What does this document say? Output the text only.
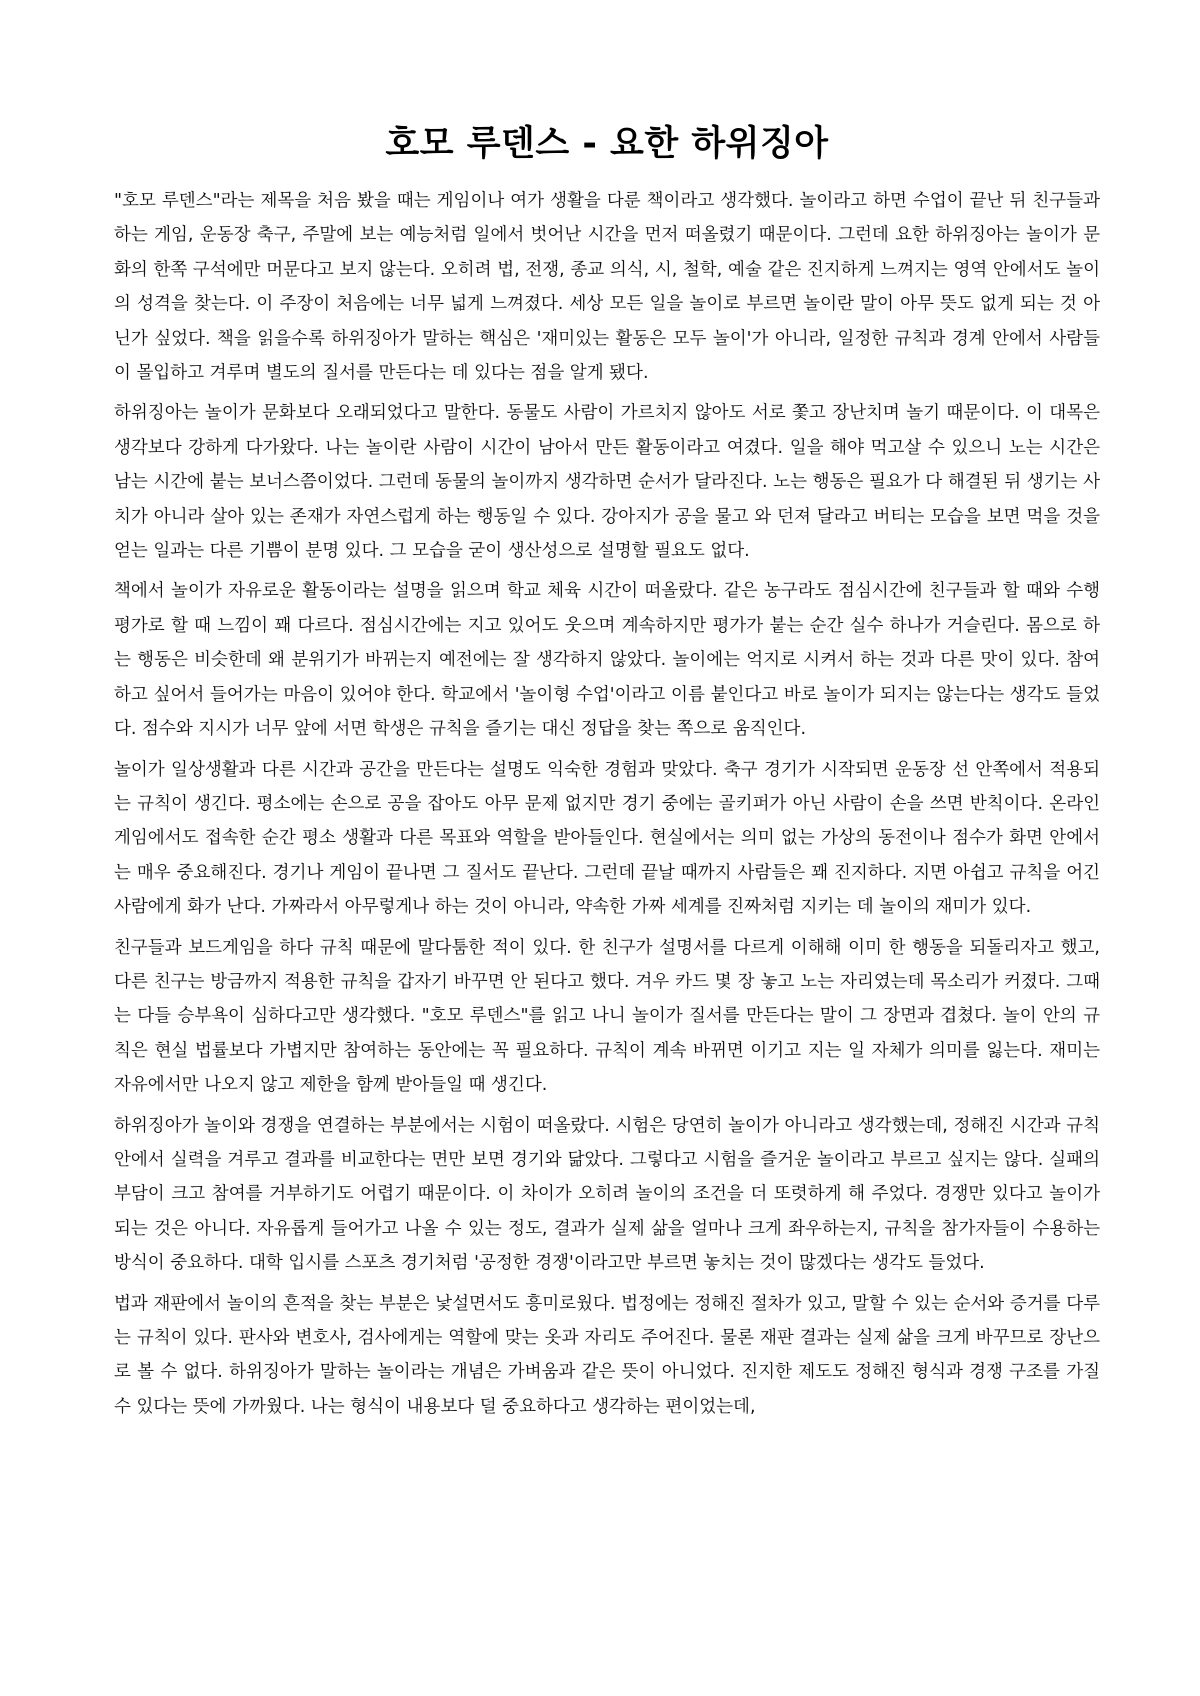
호모 루덴스 - 요한 하위징아

"호모 루덴스"라는 제목을 처음 봤을 때는 게임이나 여가 생활을 다룬 책이라고 생각했다. 놀이라고 하면 수업이 끝난 뒤 친구들과 하는 게임, 운동장 축구, 주말에 보는 예능처럼 일에서 벗어난 시간을 먼저 떠올렸기 때문이다. 그런데 요한 하위징아는 놀이가 문화의 한쪽 구석에만 머문다고 보지 않는다. 오히려 법, 전쟁, 종교 의식, 시, 철학, 예술 같은 진지하게 느껴지는 영역 안에서도 놀이의 성격을 찾는다. 이 주장이 처음에는 너무 넓게 느껴졌다. 세상 모든 일을 놀이로 부르면 놀이란 말이 아무 뜻도 없게 되는 것 아닌가 싶었다. 책을 읽을수록 하위징아가 말하는 핵심은 '재미있는 활동은 모두 놀이'가 아니라, 일정한 규칙과 경계 안에서 사람들이 몰입하고 겨루며 별도의 질서를 만든다는 데 있다는 점을 알게 됐다.

하위징아는 놀이가 문화보다 오래되었다고 말한다. 동물도 사람이 가르치지 않아도 서로 쫓고 장난치며 놀기 때문이다. 이 대목은 생각보다 강하게 다가왔다. 나는 놀이란 사람이 시간이 남아서 만든 활동이라고 여겼다. 일을 해야 먹고살 수 있으니 노는 시간은 남는 시간에 붙는 보너스쯤이었다. 그런데 동물의 놀이까지 생각하면 순서가 달라진다. 노는 행동은 필요가 다 해결된 뒤 생기는 사치가 아니라 살아 있는 존재가 자연스럽게 하는 행동일 수 있다. 강아지가 공을 물고 와 던져 달라고 버티는 모습을 보면 먹을 것을 얻는 일과는 다른 기쁨이 분명 있다. 그 모습을 굳이 생산성으로 설명할 필요도 없다.

책에서 놀이가 자유로운 활동이라는 설명을 읽으며 학교 체육 시간이 떠올랐다. 같은 농구라도 점심시간에 친구들과 할 때와 수행평가로 할 때 느낌이 꽤 다르다. 점심시간에는 지고 있어도 웃으며 계속하지만 평가가 붙는 순간 실수 하나가 거슬린다. 몸으로 하는 행동은 비슷한데 왜 분위기가 바뀌는지 예전에는 잘 생각하지 않았다. 놀이에는 억지로 시켜서 하는 것과 다른 맛이 있다. 참여하고 싶어서 들어가는 마음이 있어야 한다. 학교에서 '놀이형 수업'이라고 이름 붙인다고 바로 놀이가 되지는 않는다는 생각도 들었다. 점수와 지시가 너무 앞에 서면 학생은 규칙을 즐기는 대신 정답을 찾는 쪽으로 움직인다.

놀이가 일상생활과 다른 시간과 공간을 만든다는 설명도 익숙한 경험과 맞았다. 축구 경기가 시작되면 운동장 선 안쪽에서 적용되는 규칙이 생긴다. 평소에는 손으로 공을 잡아도 아무 문제 없지만 경기 중에는 골키퍼가 아닌 사람이 손을 쓰면 반칙이다. 온라인 게임에서도 접속한 순간 평소 생활과 다른 목표와 역할을 받아들인다. 현실에서는 의미 없는 가상의 동전이나 점수가 화면 안에서는 매우 중요해진다. 경기나 게임이 끝나면 그 질서도 끝난다. 그런데 끝날 때까지 사람들은 꽤 진지하다. 지면 아쉽고 규칙을 어긴 사람에게 화가 난다. 가짜라서 아무렇게나 하는 것이 아니라, 약속한 가짜 세계를 진짜처럼 지키는 데 놀이의 재미가 있다.

친구들과 보드게임을 하다 규칙 때문에 말다툼한 적이 있다. 한 친구가 설명서를 다르게 이해해 이미 한 행동을 되돌리자고 했고, 다른 친구는 방금까지 적용한 규칙을 갑자기 바꾸면 안 된다고 했다. 겨우 카드 몇 장 놓고 노는 자리였는데 목소리가 커졌다. 그때는 다들 승부욕이 심하다고만 생각했다. "호모 루덴스"를 읽고 나니 놀이가 질서를 만든다는 말이 그 장면과 겹쳤다. 놀이 안의 규칙은 현실 법률보다 가볍지만 참여하는 동안에는 꼭 필요하다. 규칙이 계속 바뀌면 이기고 지는 일 자체가 의미를 잃는다. 재미는 자유에서만 나오지 않고 제한을 함께 받아들일 때 생긴다.

하위징아가 놀이와 경쟁을 연결하는 부분에서는 시험이 떠올랐다. 시험은 당연히 놀이가 아니라고 생각했는데, 정해진 시간과 규칙 안에서 실력을 겨루고 결과를 비교한다는 면만 보면 경기와 닮았다. 그렇다고 시험을 즐거운 놀이라고 부르고 싶지는 않다. 실패의 부담이 크고 참여를 거부하기도 어렵기 때문이다. 이 차이가 오히려 놀이의 조건을 더 또렷하게 해 주었다. 경쟁만 있다고 놀이가 되는 것은 아니다. 자유롭게 들어가고 나올 수 있는 정도, 결과가 실제 삶을 얼마나 크게 좌우하는지, 규칙을 참가자들이 수용하는 방식이 중요하다. 대학 입시를 스포츠 경기처럼 '공정한 경쟁'이라고만 부르면 놓치는 것이 많겠다는 생각도 들었다.

법과 재판에서 놀이의 흔적을 찾는 부분은 낯설면서도 흥미로웠다. 법정에는 정해진 절차가 있고, 말할 수 있는 순서와 증거를 다루는 규칙이 있다. 판사와 변호사, 검사에게는 역할에 맞는 옷과 자리도 주어진다. 물론 재판 결과는 실제 삶을 크게 바꾸므로 장난으로 볼 수 없다. 하위징아가 말하는 놀이라는 개념은 가벼움과 같은 뜻이 아니었다. 진지한 제도도 정해진 형식과 경쟁 구조를 가질 수 있다는 뜻에 가까웠다. 나는 형식이 내용보다 덜 중요하다고 생각하는 편이었는데,
